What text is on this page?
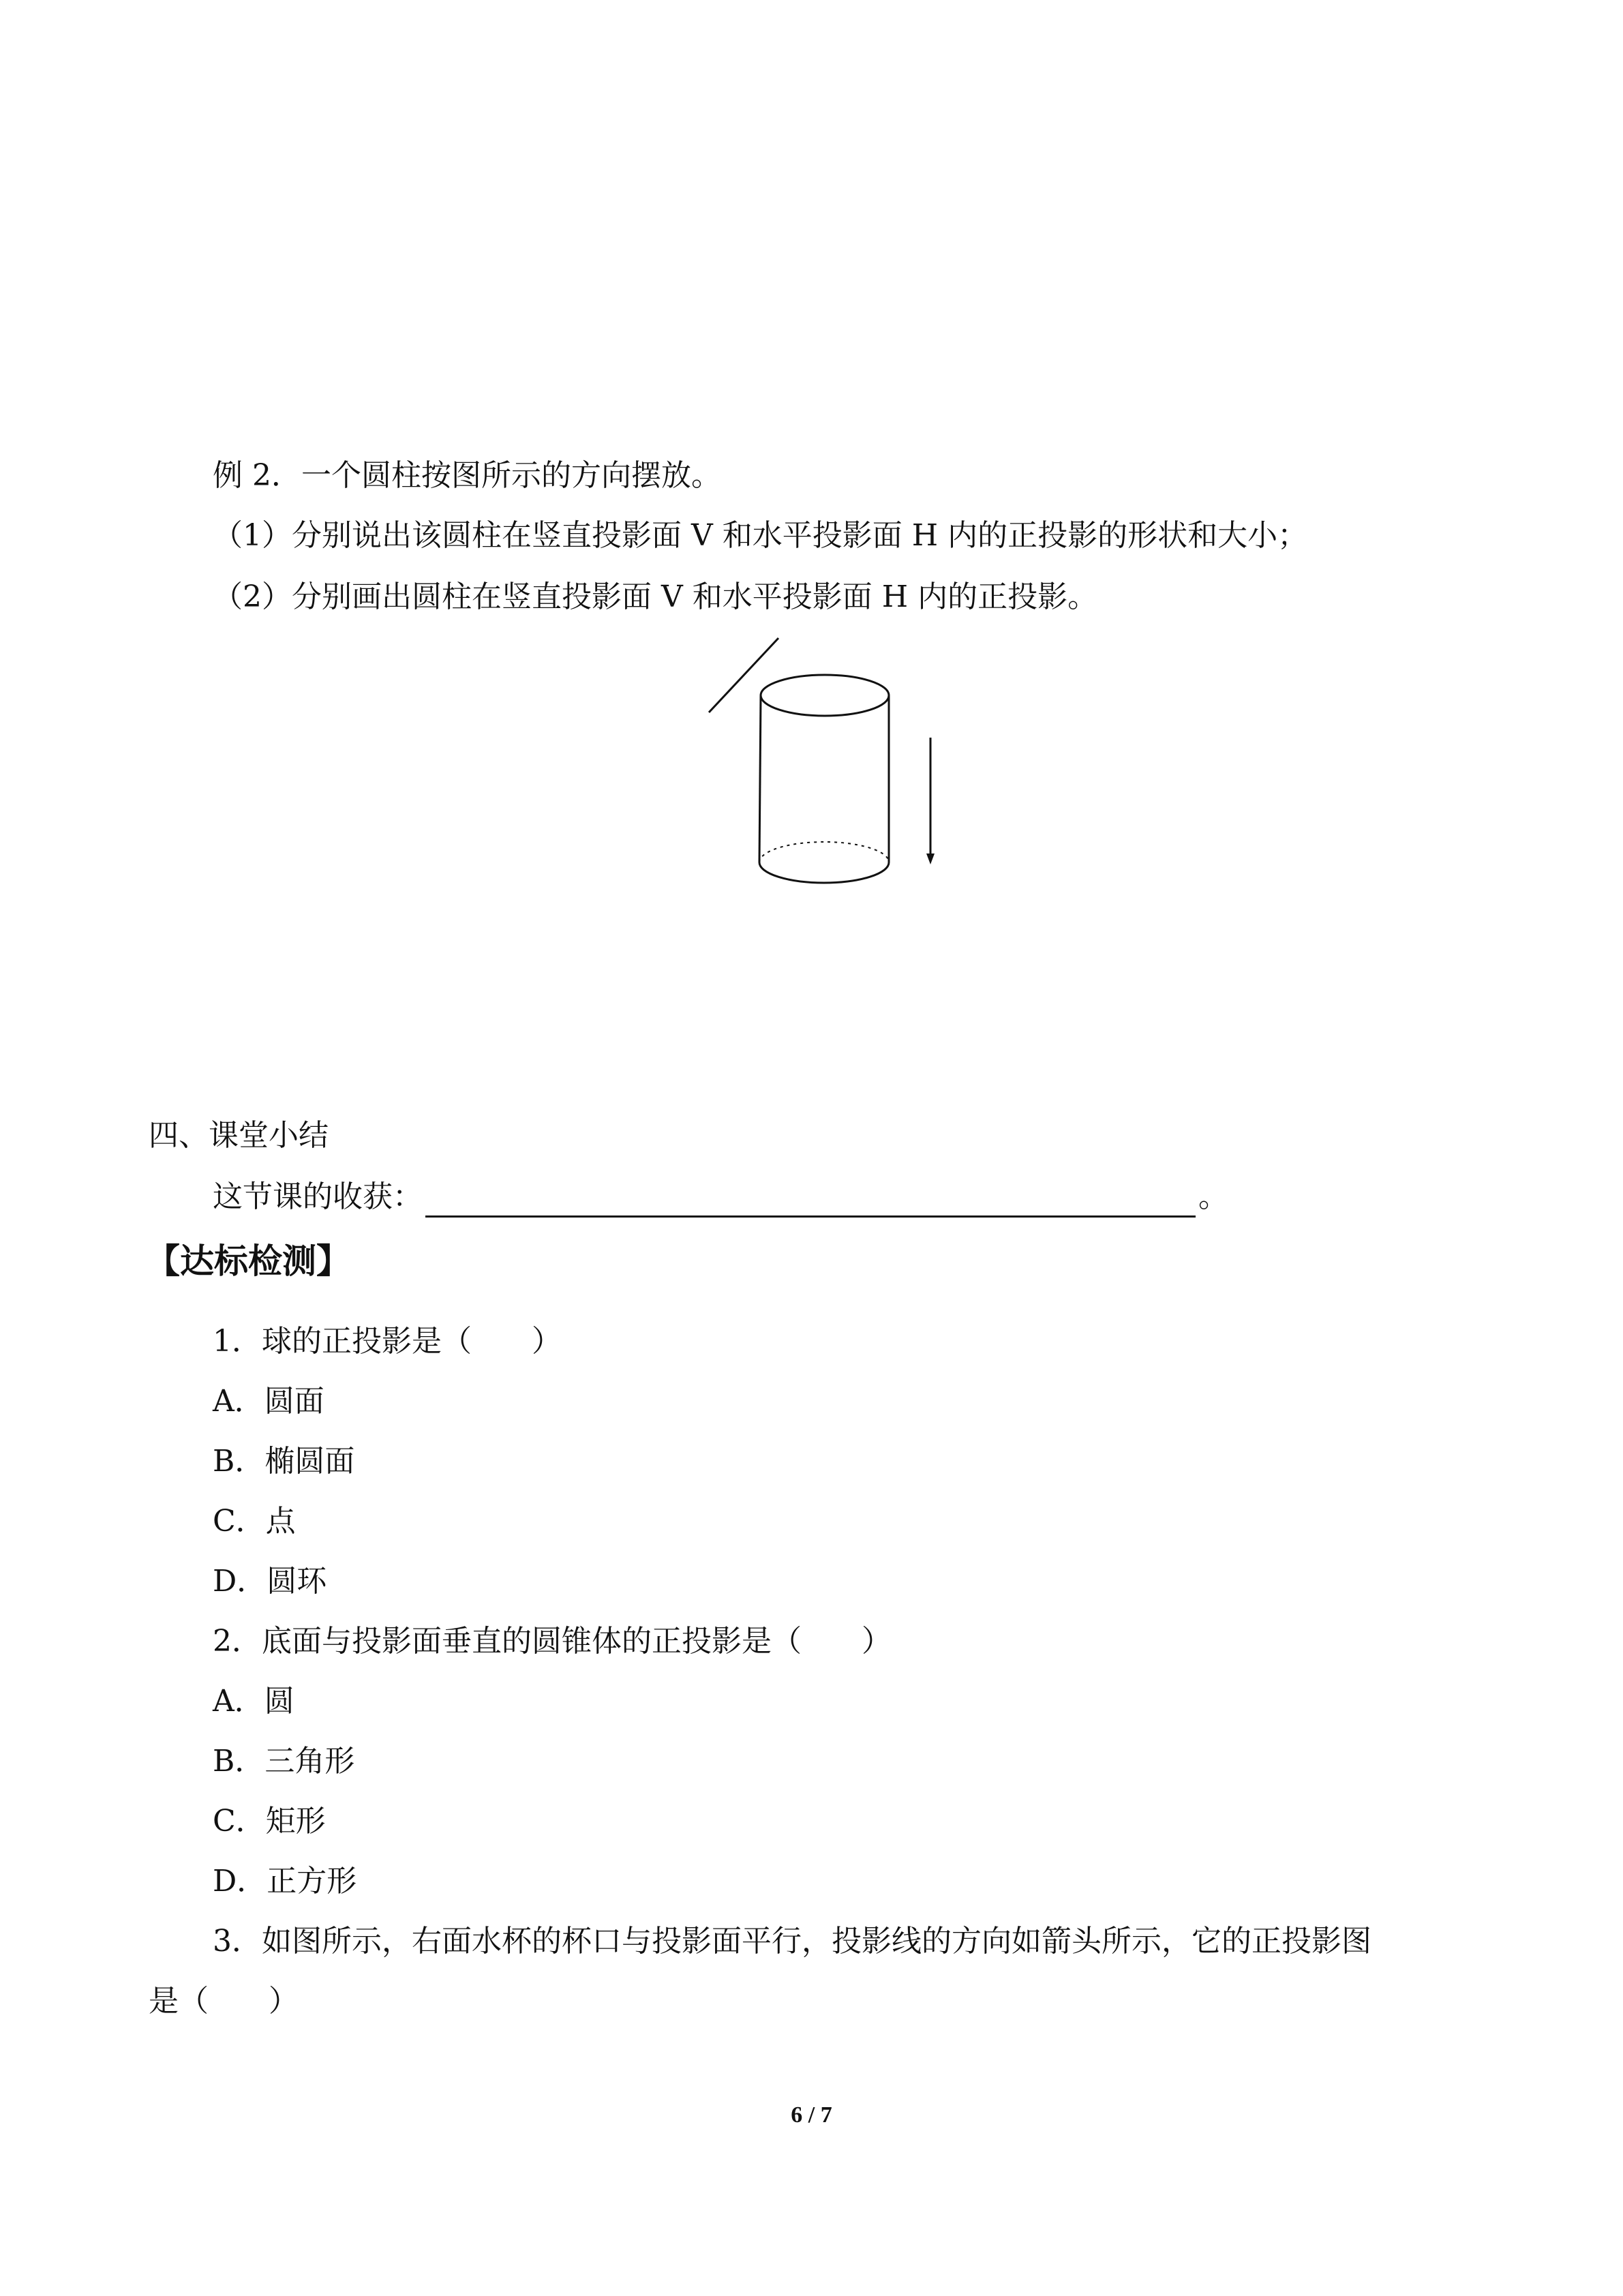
例 2．一个圆柱按图所示的方向摆放。
（1）分别说出该圆柱在竖直投影面 V 和水平投影面 H 内的正投影的形状和大小；
（2）分别画出圆柱在竖直投影面 V 和水平投影面 H 内的正投影。
四、课堂小结
这节课的收获：	。
【达标检测】
1．球的正投影是（　　）
A．圆面
B．椭圆面
C．点
D．圆环
2．底面与投影面垂直的圆锥体的正投影是（　　）
A．圆
B．三角形
C．矩形
D．正方形
3．如图所示，右面水杯的杯口与投影面平行，投影线的方向如箭头所示，它的正投影图
是（　　）
6 / 7
